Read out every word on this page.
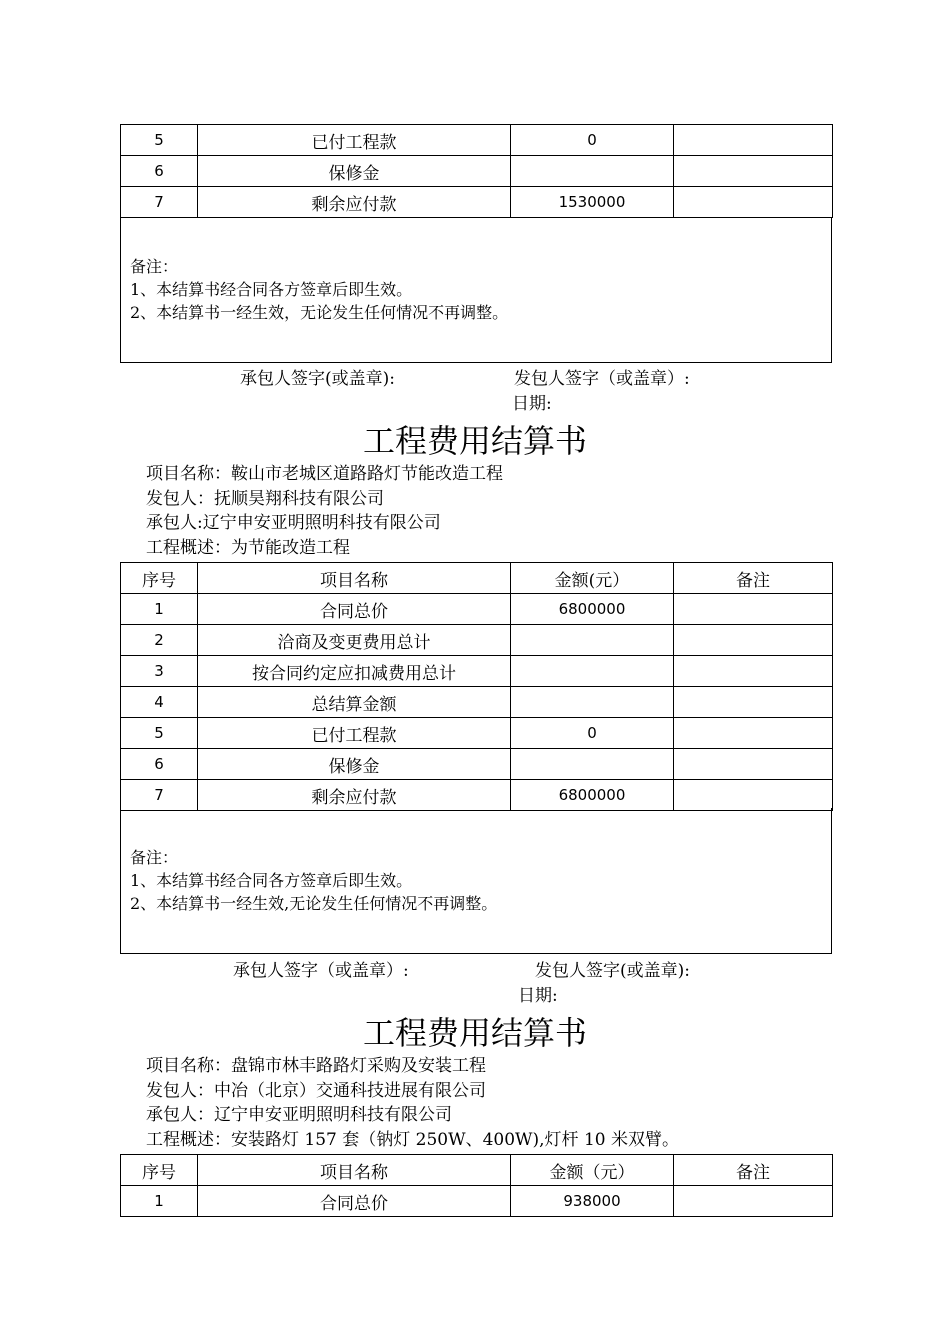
5	已付工程款	0	
6	保修金		
7	剩余应付款	1530000	
备注：
1、本结算书经合同各方签章后即生效。
2、本结算书一经生效，无论发生任何情况不再调整。
承包人签字(或盖章):	发包人签字（或盖章）:
日期:
工程费用结算书
项目名称：鞍山市老城区道路路灯节能改造工程
发包人：抚顺昊翔科技有限公司
承包人:辽宁申安亚明照明科技有限公司
工程概述：为节能改造工程
序号	项目名称	金额(元）	备注
1	合同总价	6800000	
2	洽商及变更费用总计		
3	按合同约定应扣减费用总计		
4	总结算金额		
5	已付工程款	0	
6	保修金		
7	剩余应付款	6800000	
备注：
1、本结算书经合同各方签章后即生效。
2、本结算书一经生效,无论发生任何情况不再调整。
承包人签字（或盖章）:	发包人签字(或盖章):
日期:
工程费用结算书
项目名称：盘锦市林丰路路灯采购及安装工程
发包人：中冶（北京）交通科技进展有限公司
承包人：辽宁申安亚明照明科技有限公司
工程概述：安装路灯 157 套（钠灯 250W、400W),灯杆 10 米双臂。
序号	项目名称	金额（元）	备注
1	合同总价	938000	
